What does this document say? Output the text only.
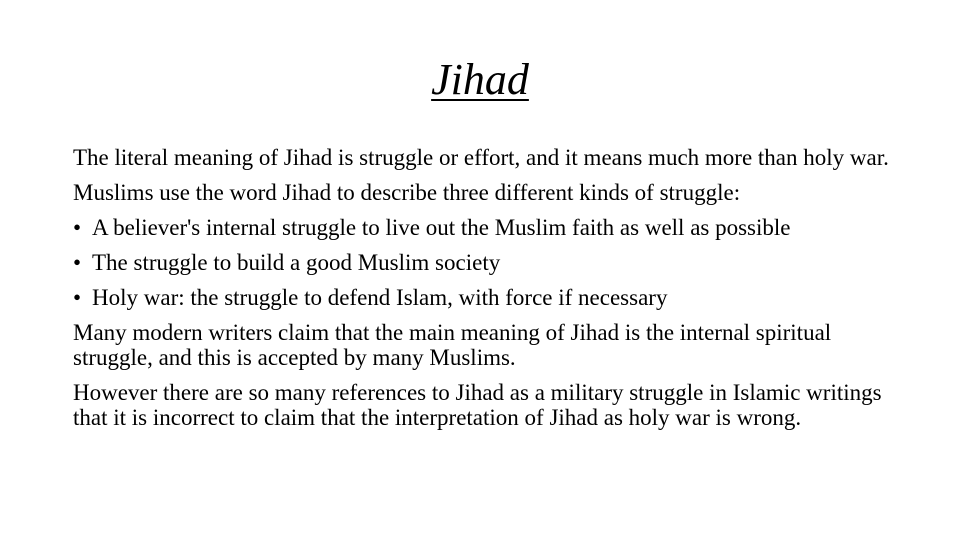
Jihad

The literal meaning of Jihad is struggle or effort, and it means much more than holy war.

Muslims use the word Jihad to describe three different kinds of struggle:

• A believer's internal struggle to live out the Muslim faith as well as possible
• The struggle to build a good Muslim society
• Holy war: the struggle to defend Islam, with force if necessary

Many modern writers claim that the main meaning of Jihad is the internal spiritual struggle, and this is accepted by many Muslims.

However there are so many references to Jihad as a military struggle in Islamic writings that it is incorrect to claim that the interpretation of Jihad as holy war is wrong.
